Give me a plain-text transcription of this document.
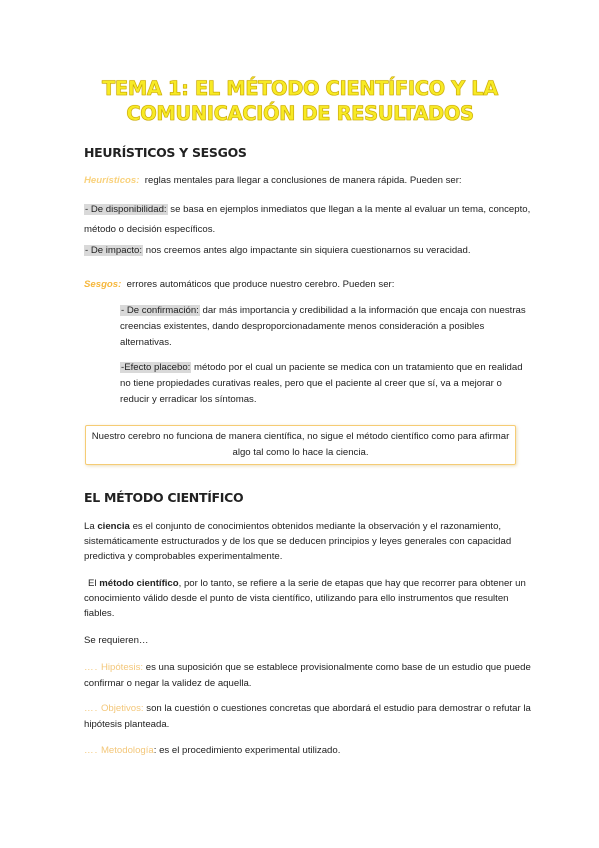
TEMA 1: EL MÉTODO CIENTÍFICO Y LA
COMUNICACIÓN DE RESULTADOS
HEURÍSTICOS Y SESGOS
Heurísticos: reglas mentales para llegar a conclusiones de manera rápida. Pueden ser:
- De disponibilidad: se basa en ejemplos inmediatos que llegan a la mente al evaluar un tema, concepto,
método o decisión específicos.
- De impacto: nos creemos antes algo impactante sin siquiera cuestionarnos su veracidad.
Sesgos: errores automáticos que produce nuestro cerebro. Pueden ser:
- De confirmación: dar más importancia y credibilidad a la información que encaja con nuestras
creencias existentes, dando desproporcionadamente menos consideración a posibles
alternativas.
-Efecto placebo: método por el cual un paciente se medica con un tratamiento que en realidad
no tiene propiedades curativas reales, pero que el paciente al creer que sí, va a mejorar o
reducir y erradicar los síntomas.
Nuestro cerebro no funciona de manera científica, no sigue el método científico como para afirmar
algo tal como lo hace la ciencia.
EL MÉTODO CIENTÍFICO
La ciencia es el conjunto de conocimientos obtenidos mediante la observación y el razonamiento,
sistemáticamente estructurados y de los que se deducen principios y leyes generales con capacidad
predictiva y comprobables experimentalmente.
El método científico, por lo tanto, se refiere a la serie de etapas que hay que recorrer para obtener un
conocimiento válido desde el punto de vista científico, utilizando para ello instrumentos que resulten
fiables.
Se requieren…
…. Hipótesis: es una suposición que se establece provisionalmente como base de un estudio que puede
confirmar o negar la validez de aquella.
…. Objetivos: son la cuestión o cuestiones concretas que abordará el estudio para demostrar o refutar la
hipótesis planteada.
…. Metodología: es el procedimiento experimental utilizado.
